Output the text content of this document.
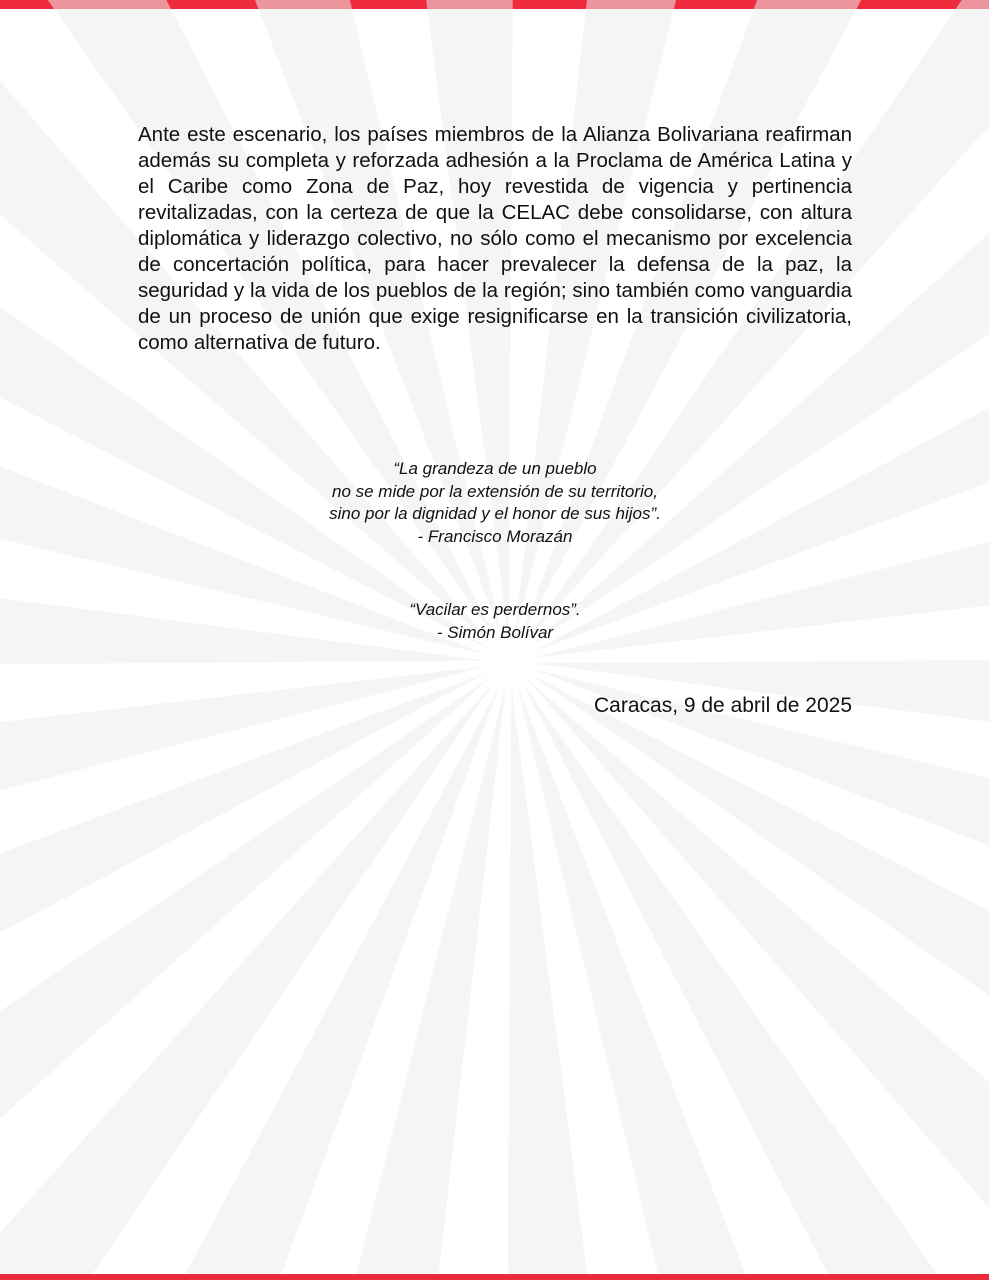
Ante este escenario, los países miembros de la Alianza Bolivariana reafirman además su completa y reforzada adhesión a la Proclama de América Latina y el Caribe como Zona de Paz, hoy revestida de vigencia y pertinencia revitalizadas, con la certeza de que la CELAC debe consolidarse, con altura diplomática y liderazgo colectivo, no sólo como el mecanismo por excelencia de concertación política, para hacer prevalecer la defensa de la paz, la seguridad y la vida de los pueblos de la región; sino también como vanguardia de un proceso de unión que exige resignificarse en la transición civilizatoria, como alternativa de futuro.

“La grandeza de un pueblo
no se mide por la extensión de su territorio,
sino por la dignidad y el honor de sus hijos”.
- Francisco Morazán
“Vacilar es perdernos”.
- Simón Bolívar
Caracas, 9 de abril de 2025
